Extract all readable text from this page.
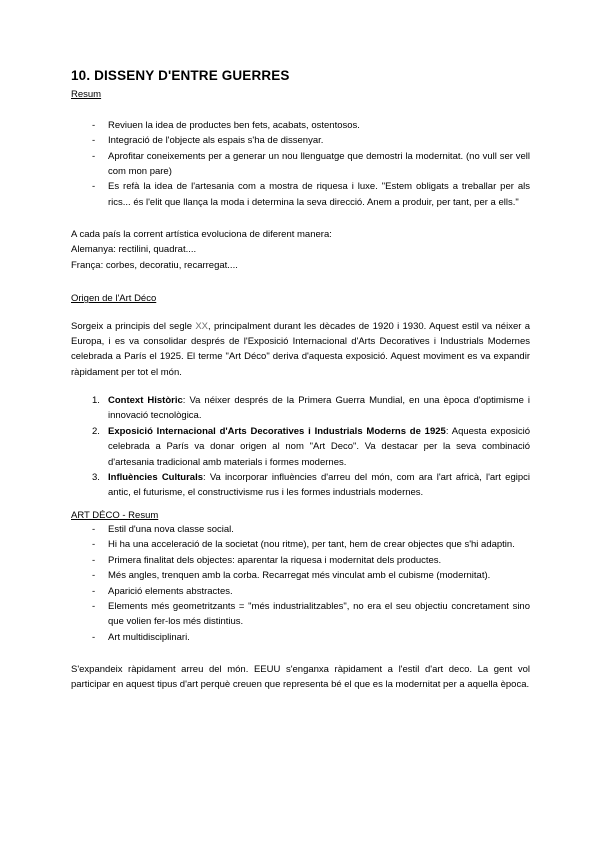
10. DISSENY D'ENTRE GUERRES
Resum
- Reviuen la idea de productes ben fets, acabats, ostentosos.
- Integració de l'objecte als espais s'ha de dissenyar.
- Aprofitar coneixements per a generar un nou llenguatge que demostri la modernitat. (no vull ser vell com mon pare)
- Es refà la idea de l'artesania com a mostra de riquesa i luxe. "Estem obligats a treballar per als rics... és l'elit que llança la moda i determina la seva direcció. Anem a produir, per tant, per a ells."

A cada país la corrent artística evoluciona de diferent manera:

Alemanya: rectilini, quadrat....

França: corbes, decoratiu, recarregat....

Origen de l'Art Déco

Sorgeix a principis del segle XX, principalment durant les dècades de 1920 i 1930. Aquest estil va néixer a Europa, i es va consolidar després de l'Exposició Internacional d'Arts Decoratives i Industrials Modernes celebrada a París el 1925. El terme "Art Déco" deriva d'aquesta exposició. Aquest moviment es va expandir ràpidament per tot el món.

Context Històric: Va néixer després de la Primera Guerra Mundial, en una època d'optimisme i innovació tecnològica.
Exposició Internacional d'Arts Decoratives i Industrials Moderns de 1925: Aquesta exposició celebrada a París va donar origen al nom "Art Deco". Va destacar per la seva combinació d'artesania tradicional amb materials i formes modernes.
Influències Culturals: Va incorporar influències d'arreu del món, com ara l'art africà, l'art egipci antic, el futurisme, el constructivisme rus i les formes industrials modernes.
ART DÉCO - Resum
- Estil d'una nova classe social.
- Hi ha una acceleració de la societat (nou ritme), per tant, hem de crear objectes que s'hi adaptin.
- Primera finalitat dels objectes: aparentar la riquesa i modernitat dels productes.
- Més angles, trenquen amb la corba. Recarregat més vinculat amb el cubisme (modernitat).
- Aparició elements abstractes.
- Elements més geometritzants = "més industrialitzables", no era el seu objectiu concretament sino que volien fer-los més distintius.
- Art multidisciplinari.

S'expandeix ràpidament arreu del món. EEUU s'enganxa ràpidament a l'estil d'art deco. La gent vol participar en aquest tipus d'art perquè creuen que representa bé el que es la modernitat per a aquella època.
